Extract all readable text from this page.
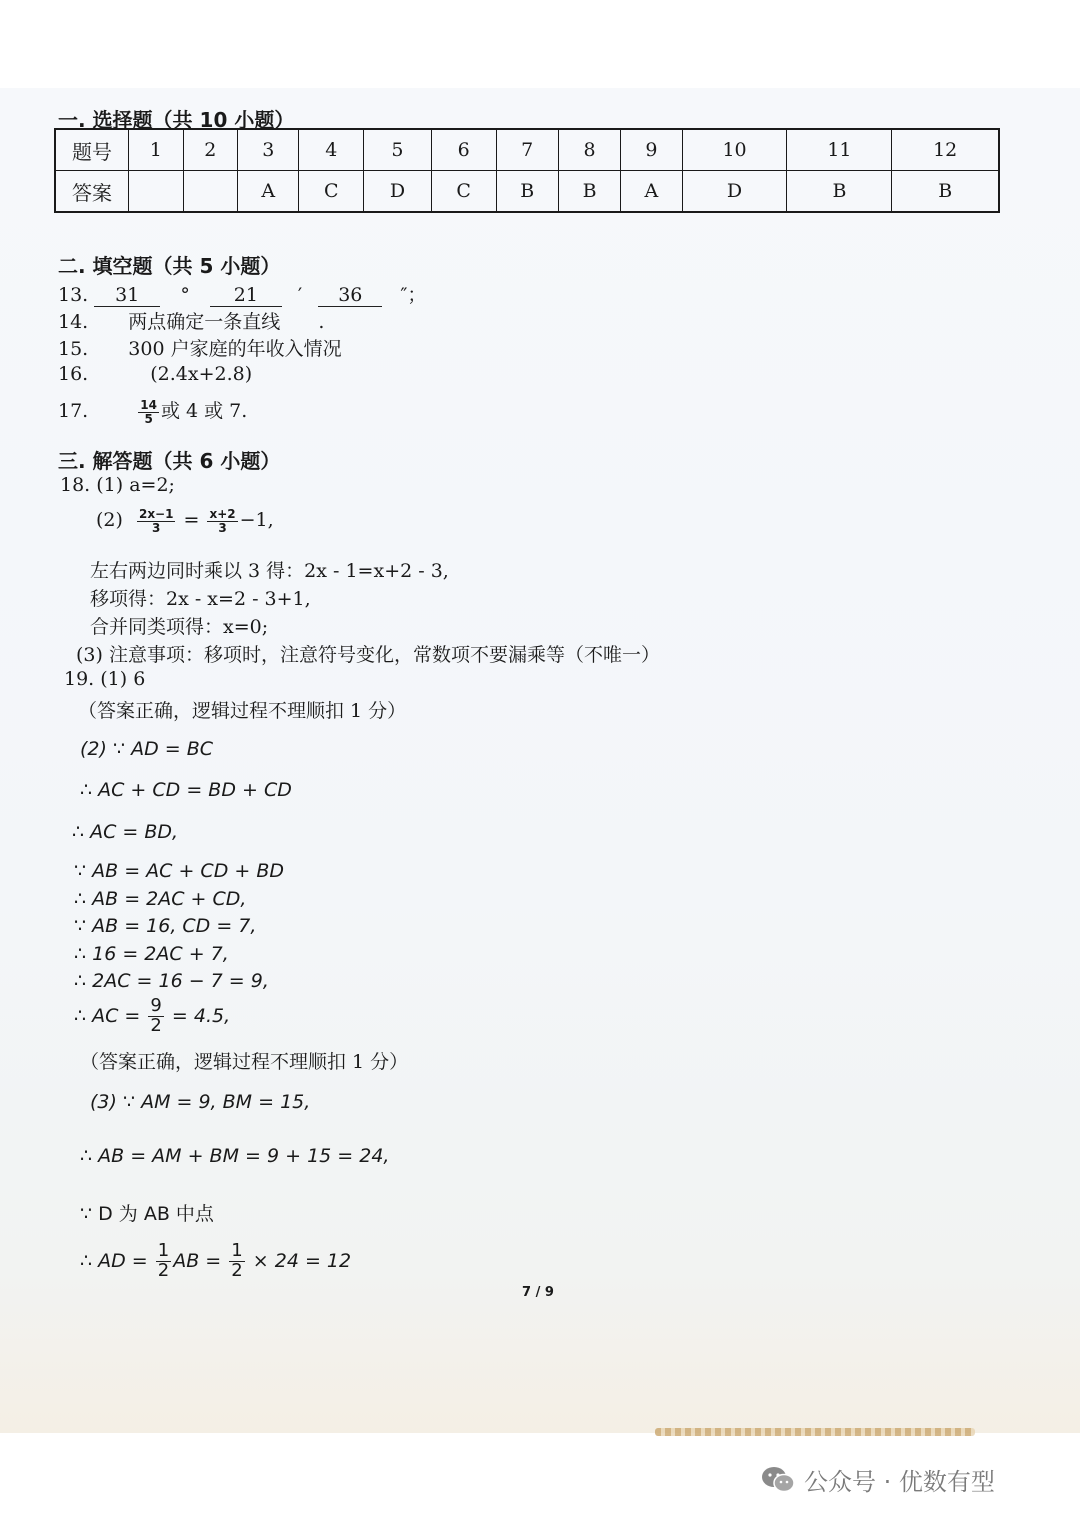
一. 选择题（共 10 小题）
题号	1	2	3	4	5	6	7	8	9	10	11	12
答案			A	C	D	C	B	B	A	D	B	B
二. 填空题（共 5 小题）
13. 31 ° 21 ′ 36 ″；
14. 两点确定一条直线 .
15. 300 户家庭的年收入情况
16.	(2.4x+2.8)
17.	$\frac{14}{5}$ 或 4 或 7.
三. 解答题（共 6 小题）
18. (1) a=2;
$(2) \frac{2x-1}{3} = \frac{x+2}{3} -1$,
左右两边同时乘以 3 得：2x - 1=x+2 - 3,
移项得：2x - x=2 - 3+1,
合并同类项得：x=0;
(3) 注意事项：移项时，注意符号变化，常数项不要漏乘等（不唯一）
19. (1) 6
（答案正确，逻辑过程不理顺扣 1 分）
(2) ∵ AD = BC
∴ AC + CD = BD + CD
∴ AC = BD,
∵ AB = AC + CD + BD
∴ AB = 2AC + CD,
∵ AB = 16, CD = 7,
∴ 16 = 2AC + 7,
∴ 2AC = 16 − 7 = 9,
∴ AC = $\frac{9}{2} = 4.5$,
（答案正确，逻辑过程不理顺扣 1 分）
(3) ∵ AM = 9, BM = 15,
∴ AB = AM + BM = 9 + 15 = 24,
∵ D 为 AB 中点
∴ AD = $\frac{1}{2}$ AB = $\frac{1}{2} \times 24 = 12$
7 / 9
公众号 · 优数有型
